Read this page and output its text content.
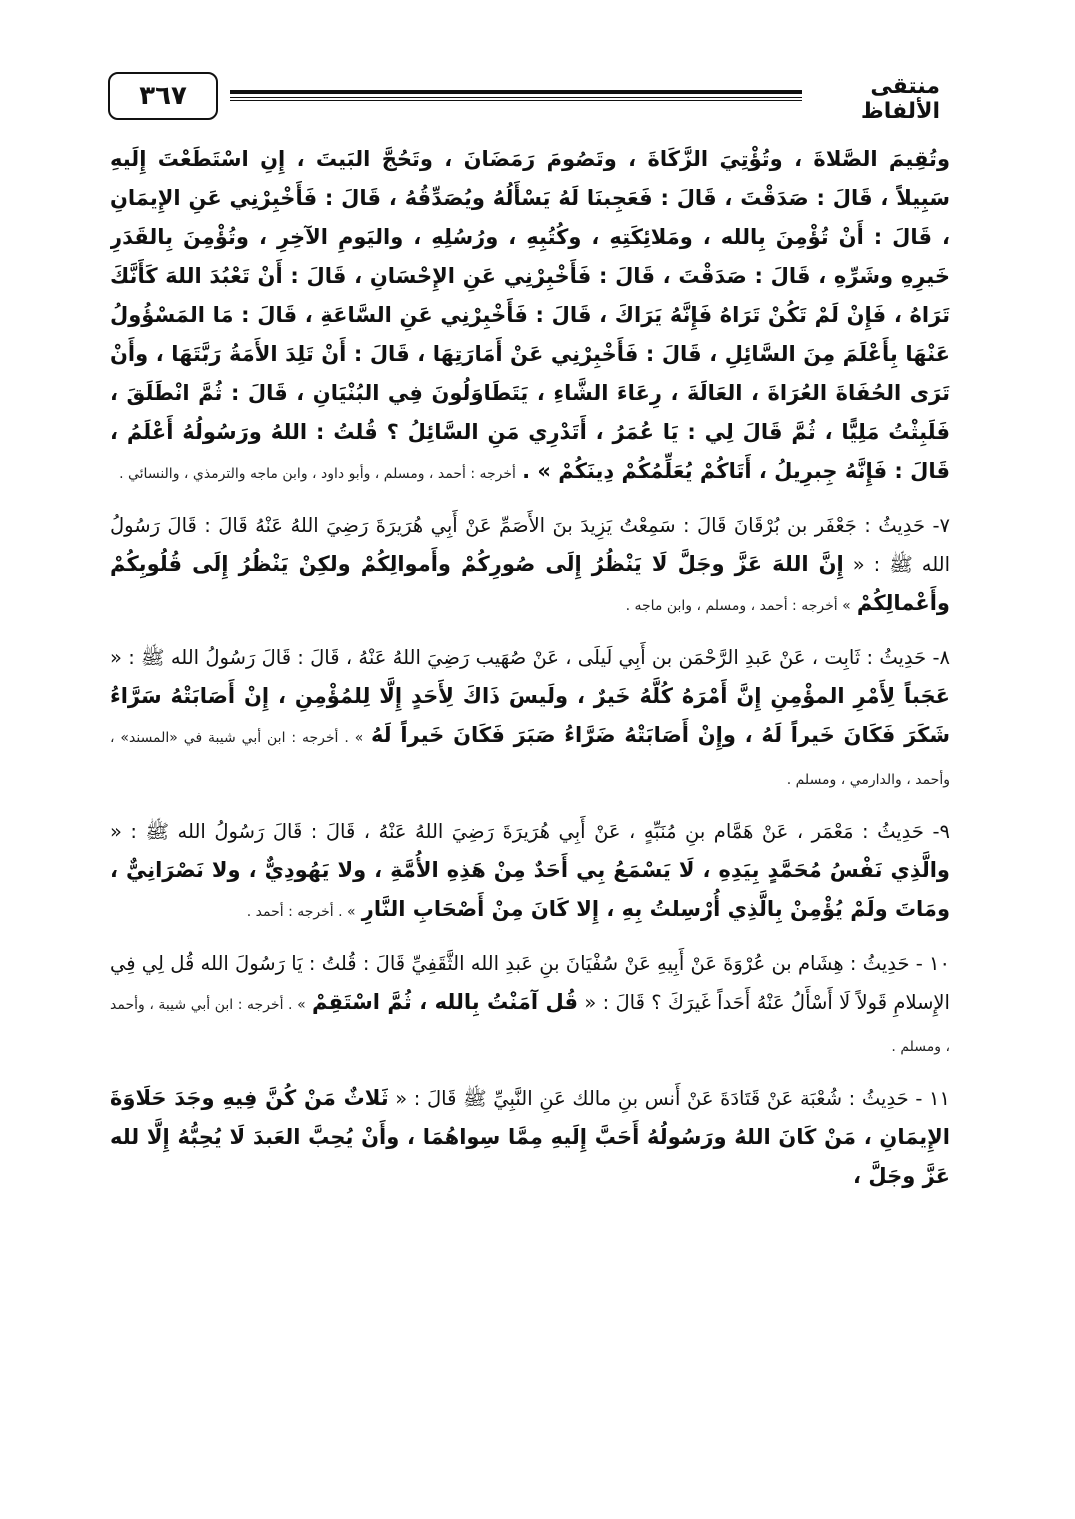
٣٦٧	منتقى الألفاظ

وتُقِيمَ الصَّلاةَ ، وتُؤْتِيَ الزَّكَاةَ ، وتَصُومَ رَمَضَانَ ، وتَحُجَّ البَيتَ ، إِنِ اسْتَطَعْتَ إِلَيهِ سَبِيلاً ، قَالَ : صَدَقْتَ ، قَالَ : فَعَجِبنَا لَهُ يَسْأَلُهُ ويُصَدِّقُهُ ، قَالَ : فَأَخْبِرْنِي عَنِ الإِيمَانِ ، قَالَ : أَنْ تُؤْمِنَ بِالله ، ومَلائِكَتِهِ ، وكُتُبِهِ ، ورُسُلِهِ ، واليَومِ الآخِرِ ، وتُؤْمِنَ بِالقَدَرِ خَيرِهِ وشَرِّهِ ، قَالَ : صَدَقْتَ ، قَالَ : فَأَخْبِرْنِي عَنِ الإِحْسَانِ ، قَالَ : أَنْ تَعْبُدَ اللهَ كَأَنَّكَ تَرَاهُ ، فَإِنْ لَمْ تَكُنْ تَرَاهُ فَإِنَّهُ يَرَاكَ ، قَالَ : فَأَخْبِرْنِي عَنِ السَّاعَةِ ، قَالَ : مَا المَسْؤُولُ عَنْهَا بِأَعْلَمَ مِنَ السَّائِلِ ، قَالَ : فَأَخْبِرْنِي عَنْ أَمَارَتِهَا ، قَالَ : أَنْ تَلِدَ الأَمَةُ رَبَّتَهَا ، وأَنْ تَرَى الحُفَاةَ العُرَاةَ ، العَالَةَ ، رِعَاءَ الشَّاءِ ، يَتَطَاوَلُونَ فِي البُنْيَانِ ، قَالَ : ثُمَّ انْطَلَقَ ، فَلَبِثْتُ مَلِيًّا ، ثُمَّ قَالَ لِي : يَا عُمَرُ ، أَتَدْرِي مَنِ السَّائِلُ ؟ قُلتُ : اللهُ ورَسُولُهُ أَعْلَمُ ، قَالَ : فَإِنَّهُ جِبرِيلُ ، أَتَاكُمْ يُعَلِّمُكُمْ دِينَكُمْ » . أخرجه : أحمد ، ومسلم ، وأبو داود ، وابن ماجه والترمذي ، والنسائي .

٧- حَدِيثُ : جَعْفَر بن بُرْقَانَ قَالَ : سَمِعْتُ يَزِيدَ بنَ الأَصَمِّ عَنْ أَبِي هُرَيرَةَ رَضِيَ اللهُ عَنْهُ قَالَ : قَالَ رَسُولُ الله ﷺ : « إِنَّ اللهَ عَزَّ وجَلَّ لَا يَنْظُرُ إِلَى صُورِكُمْ وأَموالِكُمْ ولكِنْ يَنْظُرُ إِلَى قُلُوبِكُمْ وأَعْمالِكُمْ » أخرجه : أحمد ، ومسلم ، وابن ماجه .

٨- حَدِيثُ : ثَابِت ، عَنْ عَبدِ الرَّحْمَن بن أَبِي لَيلَى ، عَنْ صُهَيب رَضِيَ اللهُ عَنْهُ ، قَالَ : قَالَ رَسُولُ الله ﷺ : « عَجَباً لِأَمْرِ المؤْمِنِ إِنَّ أَمْرَهُ كُلَّهُ خَيرٌ ، ولَيسَ ذَاكَ لِأَحَدٍ إِلَّا لِلمُؤْمِنِ ، إِنْ أَصَابَتْهُ سَرَّاءُ شَكَرَ فَكَانَ خَيراً لَهُ ، وإِنْ أَصَابَتْهُ ضَرَّاءُ صَبَرَ فَكَانَ خَيراً لَهُ » . أخرجه : ابن أبي شيبة في «المسند» ، وأحمد ، والدارمي ، ومسلم .

٩- حَدِيثُ : مَعْمَر ، عَنْ هَمَّام بنِ مُنَبِّهٍ ، عَنْ أَبِي هُرَيرَةَ رَضِيَ اللهُ عَنْهُ ، قَالَ : قَالَ رَسُولُ الله ﷺ : « والَّذِي نَفْسُ مُحَمَّدٍ بِيَدِهِ ، لَا يَسْمَعُ بِي أَحَدٌ مِنْ هَذِهِ الأُمَّةِ ، ولا يَهُودِيٌّ ، ولا نَصْرَانِيٌّ ، ومَاتَ ولَمْ يُؤْمِنْ بِالَّذِي أُرْسِلتُ بِهِ ، إِلا كَانَ مِنْ أَصْحَابِ النَّارِ » . أخرجه : أحمد .

١٠ - حَدِيثُ : هِشَام بن عُرْوَةَ عَنْ أَبِيهِ عَنْ سُفْيَانَ بنِ عَبدِ الله الثَّقَفِيِّ قَالَ : قُلتُ : يَا رَسُولَ الله قُل لِي فِي الإِسلامِ قَولاً لَا أَسْأَلُ عَنْهُ أَحَداً غَيرَكَ ؟ قَالَ : « قُل آمَنْتُ بِالله ، ثُمَّ اسْتَقِمْ » . أخرجه : ابن أبي شيبة ، وأحمد ، ومسلم .

١١ - حَدِيثُ : شُعْبَة عَنْ قَتَادَةَ عَنْ أَنس بنِ مالك عَنِ النَّبِيِّ ﷺ قَالَ : « ثَلاثٌ مَنْ كُنَّ فِيهِ وجَدَ حَلَاوَةَ الإِيمَانِ ، مَنْ كَانَ اللهُ ورَسُولُهُ أَحَبَّ إِلَيهِ مِمَّا سِواهُمَا ، وأَنْ يُحِبَّ العَبدَ لَا يُحِبُّهُ إِلَّا لله عَزَّ وجَلَّ ،
